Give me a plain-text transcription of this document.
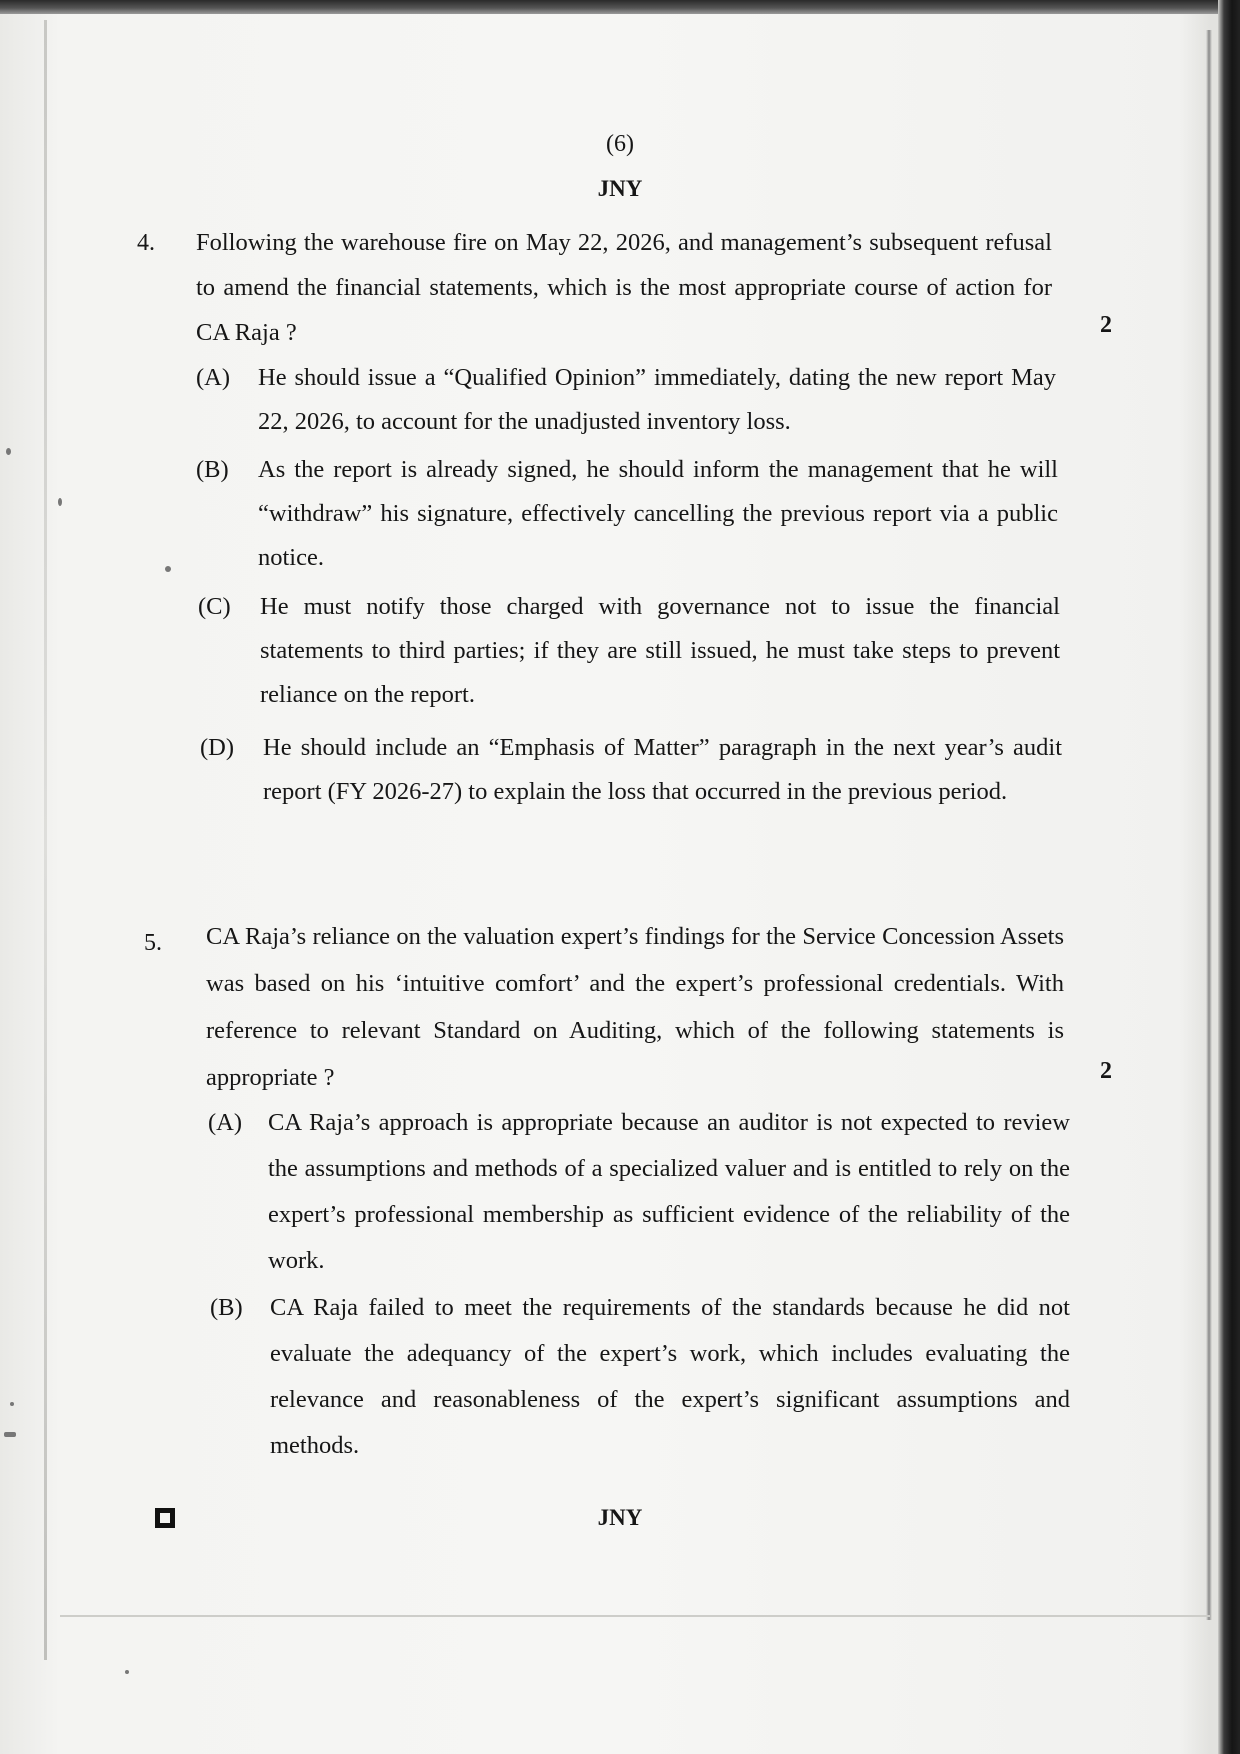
(6)
JNY
4.
2

Following the warehouse fire on May 22, 2026, and management’s subsequent refusal to amend the financial statements, which is the most appropriate course of action for CA Raja ?

(A) He should issue a “Qualified Opinion” immediately, dating the new report May 22, 2026, to account for the unadjusted inventory loss.
(B) As the report is already signed, he should inform the management that he will “withdraw” his signature, effectively cancelling the previous report via a public notice.
(C) He must notify those charged with governance not to issue the financial statements to third parties; if they are still issued, he must take steps to prevent reliance on the report.
(D) He should include an “Emphasis of Matter” paragraph in the next year’s audit report (FY 2026-27) to explain the loss that occurred in the previous period.
5.
2

CA Raja’s reliance on the valuation expert’s findings for the Service Concession Assets was based on his ‘intuitive comfort’ and the expert’s professional credentials. With reference to relevant Standard on Auditing, which of the following statements is appropriate ?

(A) CA Raja’s approach is appropriate because an auditor is not expected to review the assumptions and methods of a specialized valuer and is entitled to rely on the expert’s professional membership as sufficient evidence of the reliability of the work.
(B) CA Raja failed to meet the requirements of the standards because he did not evaluate the adequancy of the expert’s work, which includes evaluating the relevance and reasonableness of the expert’s significant assumptions and methods.
JNY
